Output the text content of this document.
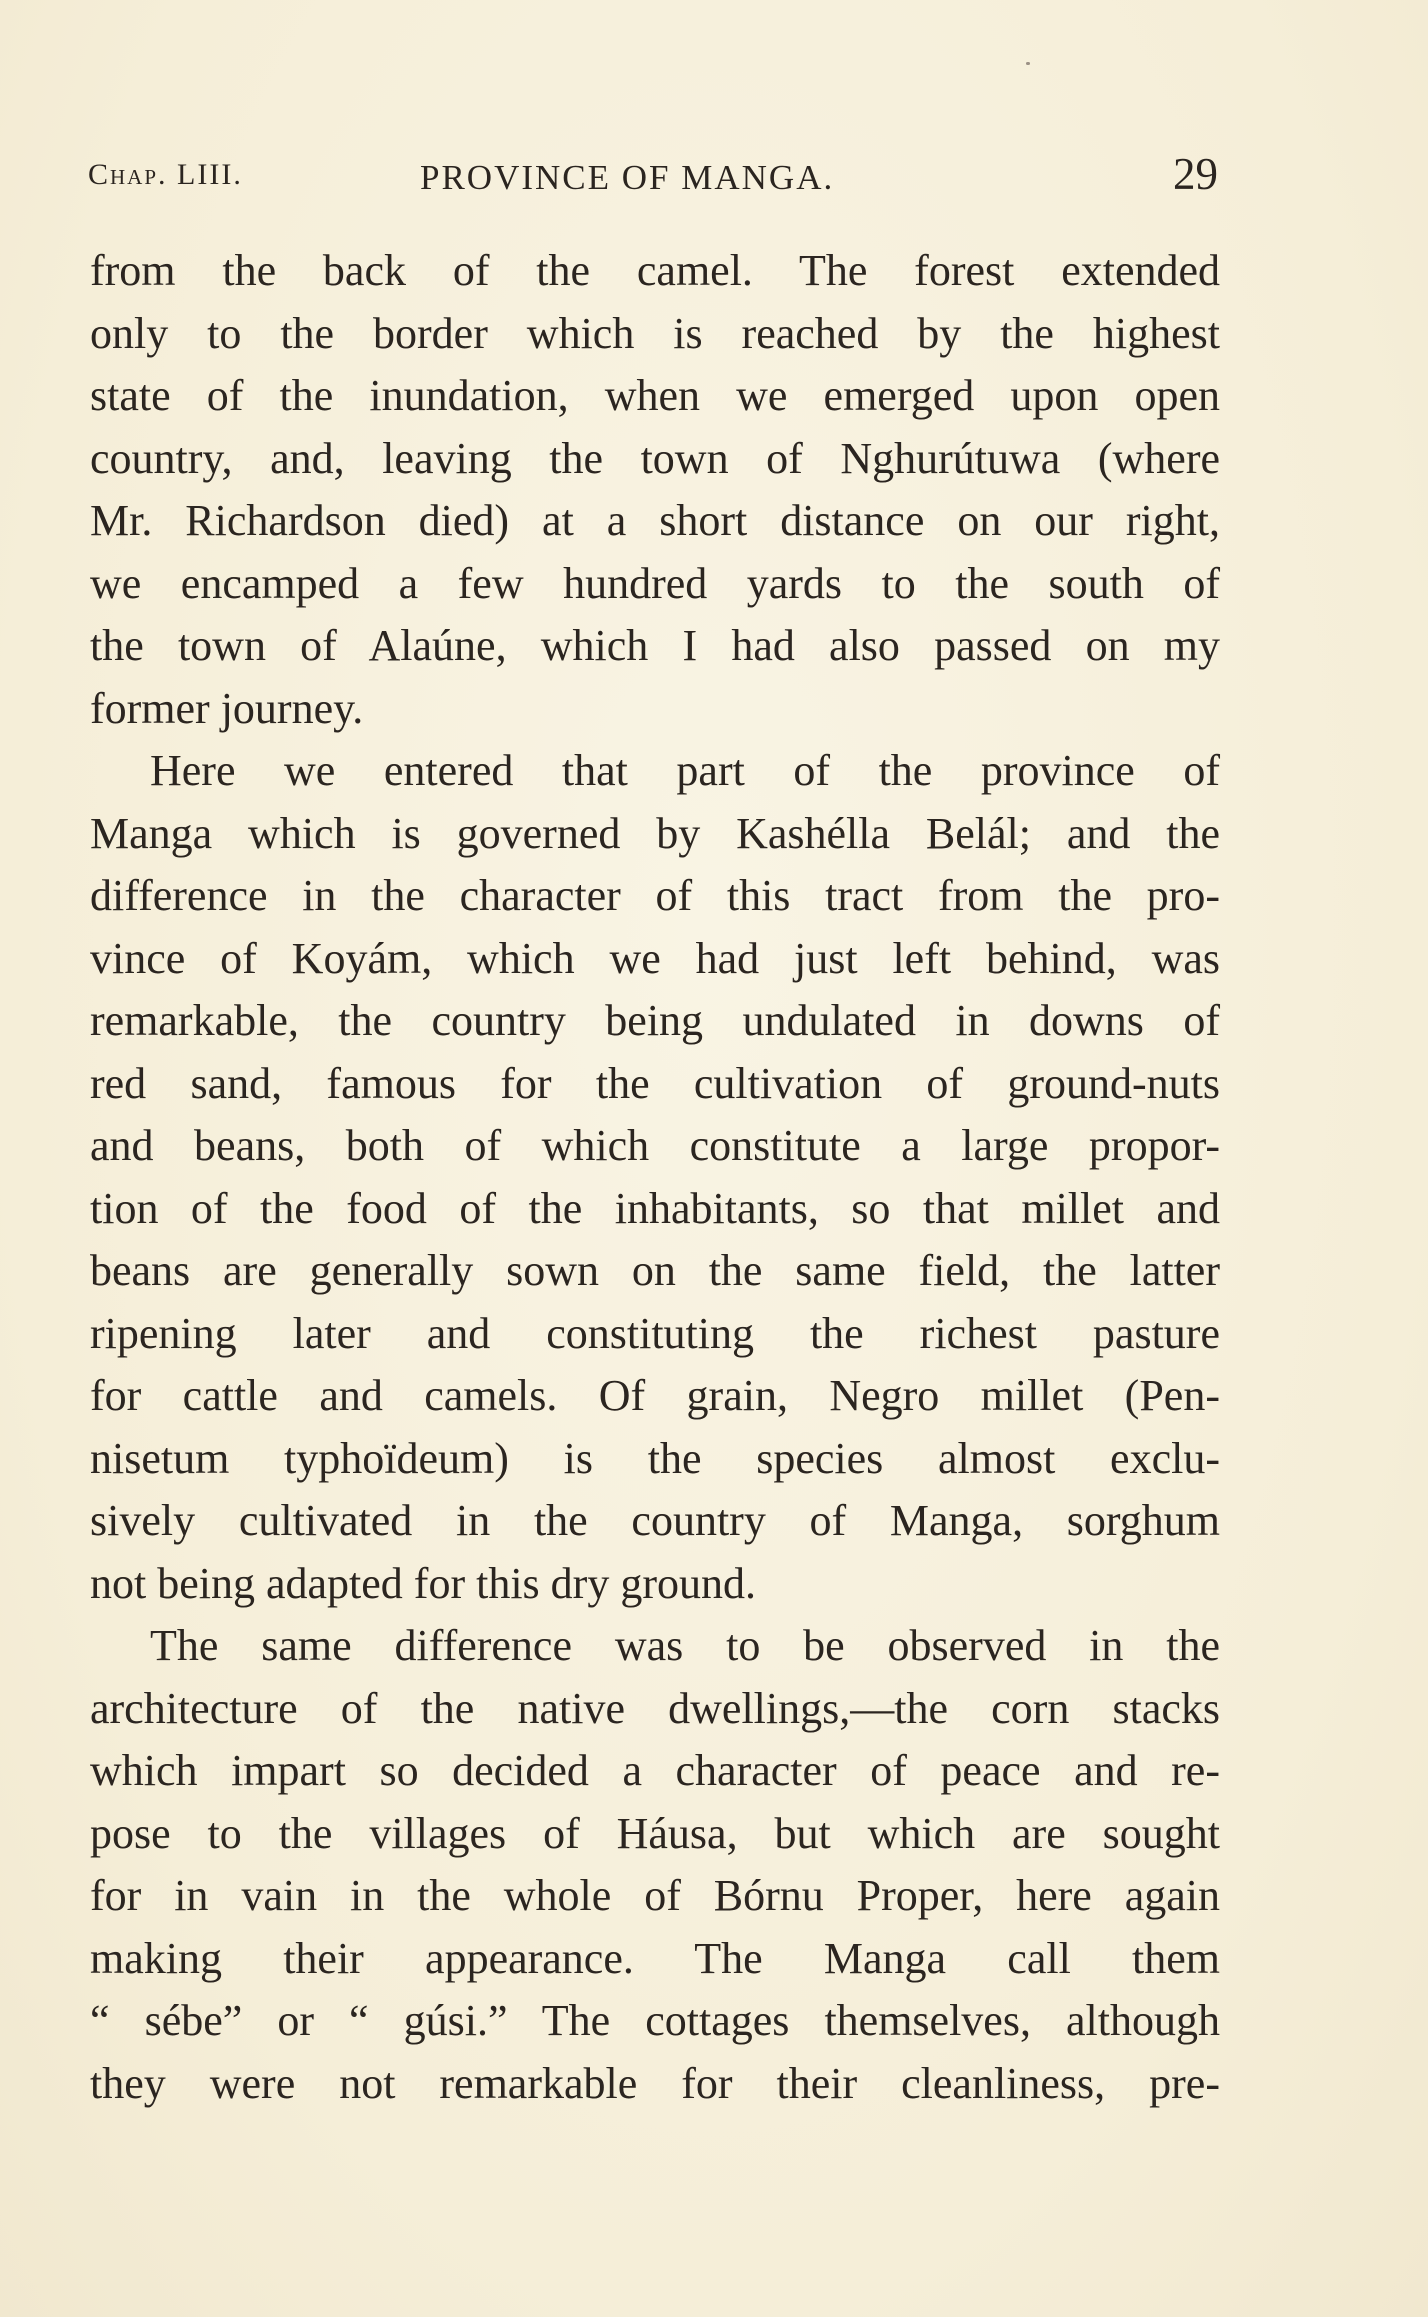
Chap. LIII.	PROVINCE OF MANGA.	29
from the back of the camel. The forest extended
only to the border which is reached by the highest
state of the inundation, when we emerged upon open
country, and, leaving the town of Nghurútuwa (where
Mr. Richardson died) at a short distance on our right,
we encamped a few hundred yards to the south of
the town of Alaúne, which I had also passed on my
former journey.
Here we entered that part of the province of
Manga which is governed by Kashélla Belál; and the
difference in the character of this tract from the pro-
vince of Koyám, which we had just left behind, was
remarkable, the country being undulated in downs of
red sand, famous for the cultivation of ground-nuts
and beans, both of which constitute a large propor-
tion of the food of the inhabitants, so that millet and
beans are generally sown on the same field, the latter
ripening later and constituting the richest pasture
for cattle and camels. Of grain, Negro millet (Pen-
nisetum typhoïdeum) is the species almost exclu-
sively cultivated in the country of Manga, sorghum
not being adapted for this dry ground.
The same difference was to be observed in the
architecture of the native dwellings,—the corn stacks
which impart so decided a character of peace and re-
pose to the villages of Háusa, but which are sought
for in vain in the whole of Bórnu Proper, here again
making their appearance. The Manga call them
“ sébe” or “ gúsi.” The cottages themselves, although
they were not remarkable for their cleanliness, pre-
